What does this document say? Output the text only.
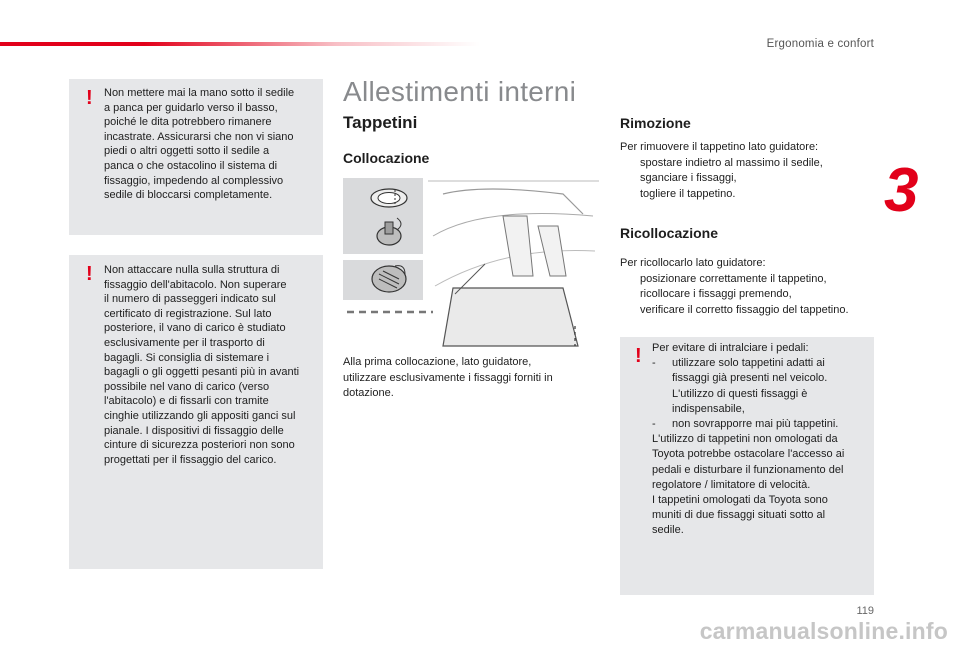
Ergonomia e confort
3
! Non mettere mai la mano sotto il sedile
a panca per guidarlo verso il basso,
poiché le dita potrebbero rimanere
incastrate. Assicurarsi che non vi siano
piedi o altri oggetti sotto il sedile a
panca o che ostacolino il sistema di
fissaggio, impedendo al complessivo
sedile di bloccarsi completamente.
! Non attaccare nulla sulla struttura di
fissaggio dell'abitacolo. Non superare
il numero di passeggeri indicato sul
certificato di registrazione. Sul lato
posteriore, il vano di carico è studiato
esclusivamente per il trasporto di
bagagli. Si consiglia di sistemare i
bagagli o gli oggetti pesanti più in avanti
possibile nel vano di carico (verso
l'abitacolo) e di fissarli con tramite
cinghie utilizzando gli appositi ganci sul
pianale. I dispositivi di fissaggio delle
cinture di sicurezza posteriori non sono
progettati per il fissaggio del carico.
Allestimenti interni
Tappetini
Collocazione
Alla prima collocazione, lato guidatore,
utilizzare esclusivamente i fissaggi forniti in
dotazione.
Rimozione
Per rimuovere il tappetino lato guidatore:
spostare indietro al massimo il sedile,
sganciare i fissaggi,
togliere il tappetino.
Ricollocazione
Per ricollocarlo lato guidatore:
posizionare correttamente il tappetino,
ricollocare i fissaggi premendo,
verificare il corretto fissaggio del tappetino.
! Per evitare di intralciare i pedali:
- utilizzare solo tappetini adatti ai
fissaggi già presenti nel veicolo.
L'utilizzo di questi fissaggi è
indispensabile,
- non sovrapporre mai più tappetini.
L'utilizzo di tappetini non omologati da
Toyota potrebbe ostacolare l'accesso ai
pedali e disturbare il funzionamento del
regolatore / limitatore di velocità.
I tappetini omologati da Toyota sono
muniti di due fissaggi situati sotto al
sedile.
119
carmanualsonline.info
